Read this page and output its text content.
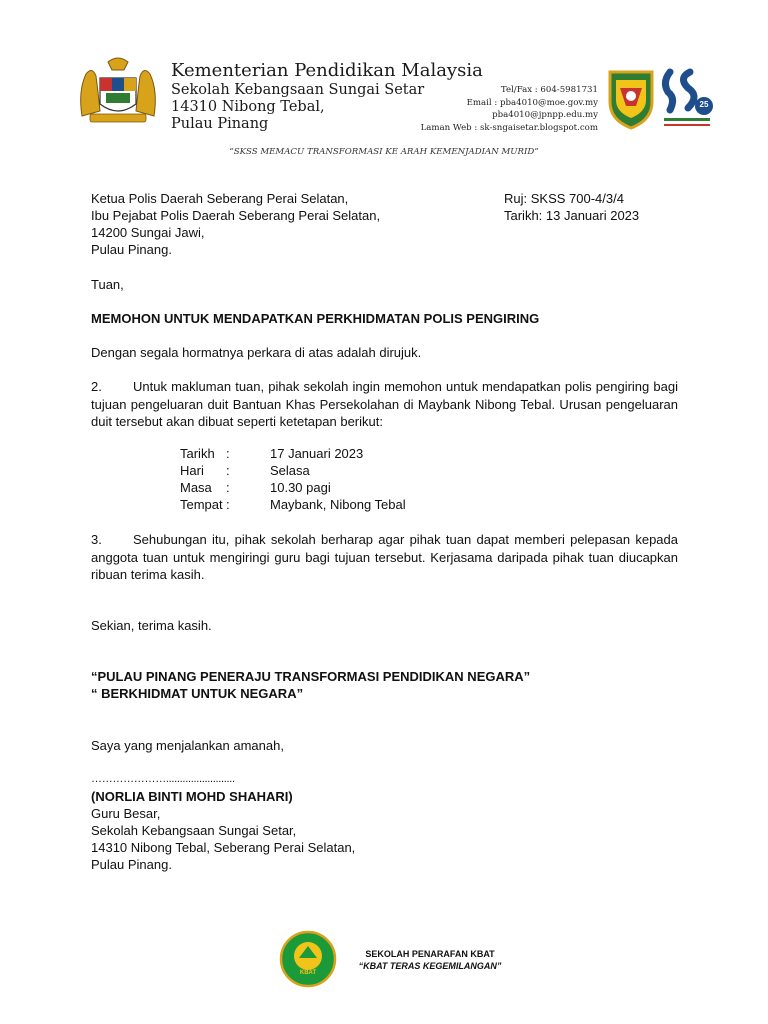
Kementerian Pendidikan Malaysia
Sekolah Kebangsaan Sungai Setar
14310 Nibong Tebal,
Pulau Pinang
Tel/Fax : 604-5981731
Email : pba4010@moe.gov.my
pba4010@jpnpp.edu.my
Laman Web : sk-sngaisetar.blogspot.com
25
“SKSS MEMACU TRANSFORMASI KE ARAH KEMENJADIAN MURID”
Ketua Polis Daerah Seberang Perai Selatan,
Ibu Pejabat Polis Daerah Seberang Perai Selatan,
14200 Sungai Jawi,
Pulau Pinang.
Ruj: SKSS 700-4/3/4
Tarikh: 13 Januari 2023
Tuan,
MEMOHON UNTUK MENDAPATKAN PERKHIDMATAN POLIS PENGIRING
Dengan segala hormatnya perkara di atas adalah dirujuk.
2. Untuk makluman tuan, pihak sekolah ingin memohon untuk mendapatkan polis pengiring bagi tujuan pengeluaran duit Bantuan Khas Persekolahan di Maybank Nibong Tebal. Urusan pengeluaran duit tersebut akan dibuat seperti ketetapan berikut:
Tarikh	:	17 Januari 2023
Hari	:	Selasa
Masa	:	10.30 pagi
Tempat	:	Maybank, Nibong Tebal
3. Sehubungan itu, pihak sekolah berharap agar pihak tuan dapat memberi pelepasan kepada anggota tuan untuk mengiringi guru bagi tujuan tersebut. Kerjasama daripada pihak tuan diucapkan ribuan terima kasih.
Sekian, terima kasih.
“PULAU PINANG PENERAJU TRANSFORMASI PENDIDIKAN NEGARA”
“ BERKHIDMAT UNTUK NEGARA”
Saya yang menjalankan amanah,
………………….........................
(NORLIA BINTI MOHD SHAHARI)
Guru Besar,
Sekolah Kebangsaan Sungai Setar,
14310 Nibong Tebal, Seberang Perai Selatan,
Pulau Pinang.
KBAT
SEKOLAH PENARAFAN KBAT
“KBAT TERAS KEGEMILANGAN”
